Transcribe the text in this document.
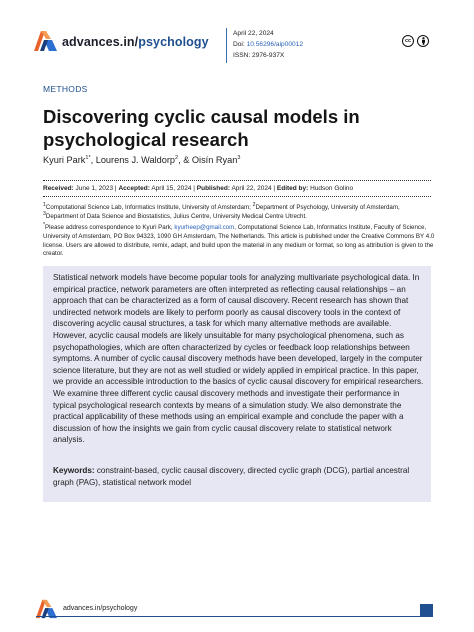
advances.in/psychology
April 22, 2024
Doi: 10.56296/aip00012
ISSN: 2976-937X
cc
METHODS
Discovering cyclic causal models in psychological research
Kyuri Park$^{1*}$, Lourens J. Waldorp$^2$, & Oisín Ryan$^3$
Received: June 1, 2023 | Accepted: April 15, 2024 | Published: April 22, 2024 | Edited by: Hudson Golino
$^1$Computational Science Lab, Informatics Institute, University of Amsterdam; $^2$Department of Psychology, University of Amsterdam, $^3$Department of Data Science and Biostatistics, Julius Centre, University Medical Centre Utrecht.
*Please address correspondence to Kyuri Park, kyurheep@gmail.com, Computational Science Lab, Informatics Institute, Faculty of Science, University of Amsterdam, PO Box 94323, 1090 GH Amsterdam, The Netherlands. This article is published under the Creative Commons BY 4.0 license. Users are allowed to distribute, remix, adapt, and build upon the material in any medium or format, so long as attribution is given to the creator.
Statistical network models have become popular tools for analyzing multivariate psychological data. In empirical practice, network parameters are often interpreted as reflecting causal relationships – an approach that can be characterized as a form of causal discovery. Recent research has shown that undirected network models are likely to perform poorly as causal discovery tools in the context of discovering acyclic causal structures, a task for which many alternative methods are available. However, acyclic causal models are likely unsuitable for many psychological phenomena, such as psychopathologies, which are often characterized by cycles or feedback loop relationships between symptoms. A number of cyclic causal discovery methods have been developed, largely in the computer science literature, but they are not as well studied or widely applied in empirical practice. In this paper, we provide an accessible introduction to the basics of cyclic causal discovery for empirical researchers. We examine three different cyclic causal discovery methods and investigate their performance in typical psychological research contexts by means of a simulation study. We also demonstrate the practical applicability of these methods using an empirical example and conclude the paper with a discussion of how the insights we gain from cyclic causal discovery relate to statistical network analysis.
Keywords: constraint-based, cyclic causal discovery, directed cyclic graph (DCG), partial ancestral graph (PAG), statistical network model
advances.in/psychology
